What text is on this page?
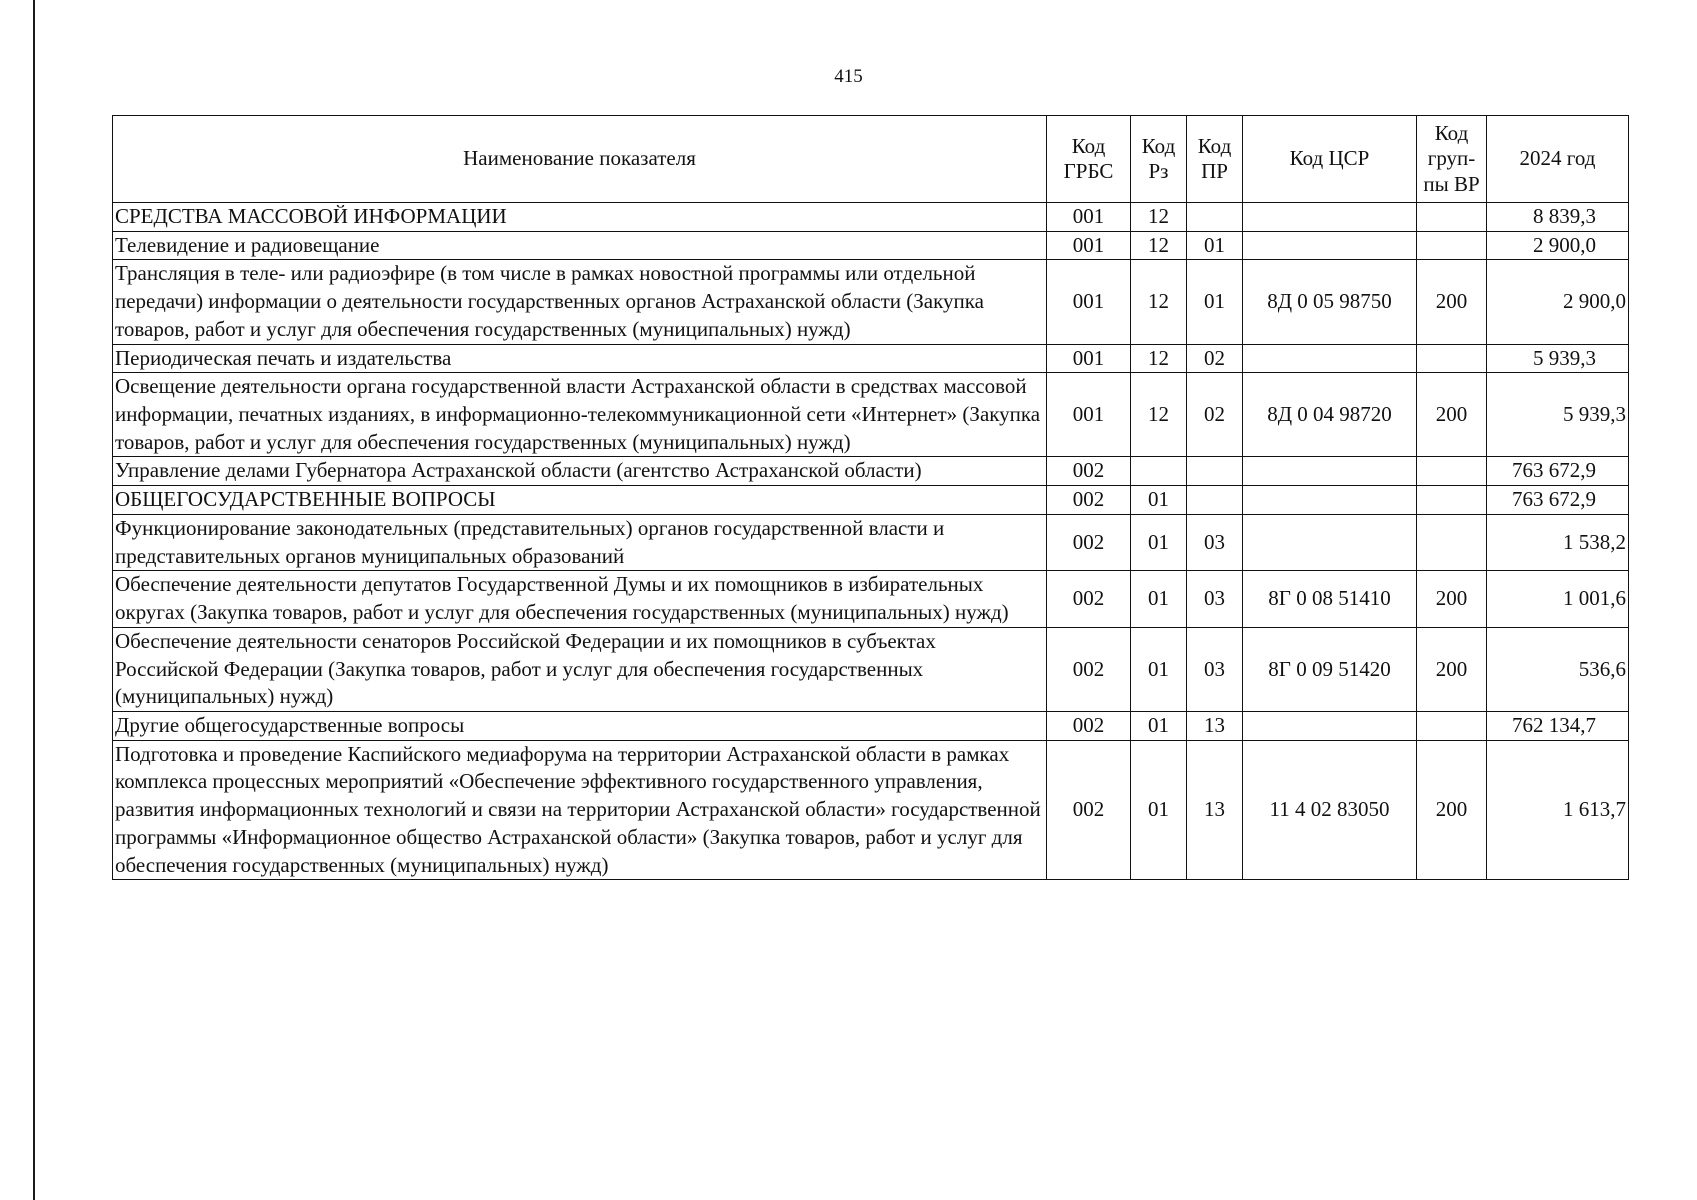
415
Наименование показателя	Код ГРБС	Код Рз	Код ПР	Код ЦСР	Код груп-пы ВР	2024 год
СРЕДСТВА МАССОВОЙ ИНФОРМАЦИИ	001	12				8 839,3
Телевидение и радиовещание	001	12	01			2 900,0
Трансляция в теле- или радиоэфире (в том числе в рамках новостной программы или отдельной передачи) информации о деятельности государственных органов Астраханской области (Закупка товаров, работ и услуг для обеспечения государственных (муниципальных) нужд)	001	12	01	8Д 0 05 98750	200	2 900,0
Периодическая печать и издательства	001	12	02			5 939,3
Освещение деятельности органа государственной власти Астраханской области в средствах массовой информации, печатных изданиях, в информационно-телекоммуникационной сети «Интернет» (Закупка товаров, работ и услуг для обеспечения государственных (муниципальных) нужд)	001	12	02	8Д 0 04 98720	200	5 939,3
Управление делами Губернатора Астраханской области (агентство Астраханской области)	002					763 672,9
ОБЩЕГОСУДАРСТВЕННЫЕ ВОПРОСЫ	002	01				763 672,9
Функционирование законодательных (представительных) органов государственной власти и представительных органов муниципальных образований	002	01	03			1 538,2
Обеспечение деятельности депутатов Государственной Думы и их помощников в избирательных округах (Закупка товаров, работ и услуг для обеспечения государственных (муниципальных) нужд)	002	01	03	8Г 0 08 51410	200	1 001,6
Обеспечение деятельности сенаторов Российской Федерации и их помощников в субъектах Российской Федерации (Закупка товаров, работ и услуг для обеспечения государственных (муниципальных) нужд)	002	01	03	8Г 0 09 51420	200	536,6
Другие общегосударственные вопросы	002	01	13			762 134,7
Подготовка и проведение Каспийского медиафорума на территории Астраханской области в рамках комплекса процессных мероприятий «Обеспечение эффективного государственного управления, развития информационных технологий и связи на территории Астраханской области» государственной программы «Информационное общество Астраханской области» (Закупка товаров, работ и услуг для обеспечения государственных (муниципальных) нужд)	002	01	13	11 4 02 83050	200	1 613,7
